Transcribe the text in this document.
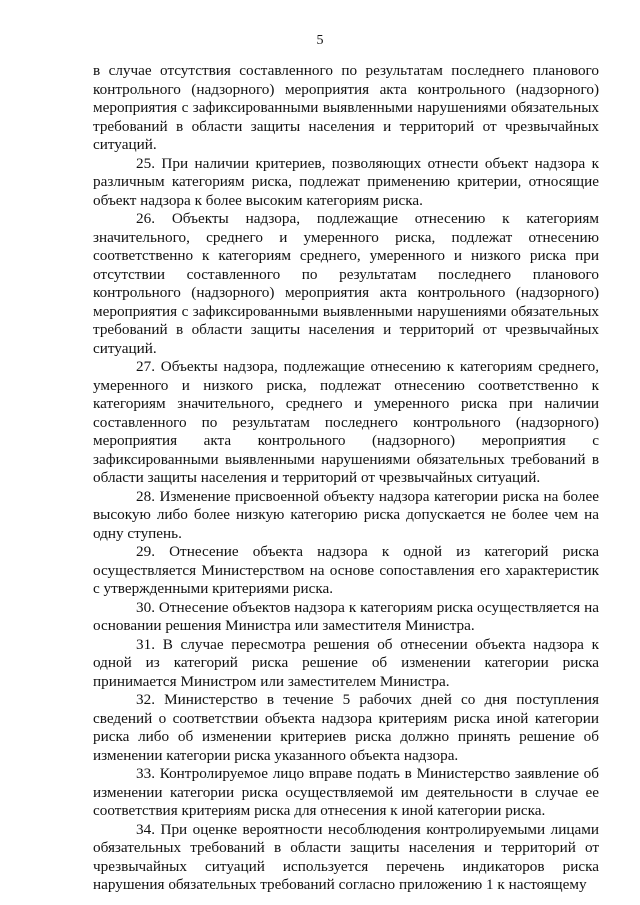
5

в случае отсутствия составленного по результатам последнего планового контрольного (надзорного) мероприятия акта контрольного (надзорного) мероприятия с зафиксированными выявленными нарушениями обязательных требований в области защиты населения и территорий от чрезвычайных ситуаций.

25. При наличии критериев, позволяющих отнести объект надзора к различным категориям риска, подлежат применению критерии, относящие объект надзора к более высоким категориям риска.

26. Объекты надзора, подлежащие отнесению к категориям значительного, среднего и умеренного риска, подлежат отнесению соответственно к категориям среднего, умеренного и низкого риска при отсутствии составленного по результатам последнего планового контрольного (надзорного) мероприятия акта контрольного (надзорного) мероприятия с зафиксированными выявленными нарушениями обязательных требований в области защиты населения и территорий от чрезвычайных ситуаций.

27. Объекты надзора, подлежащие отнесению к категориям среднего, умеренного и низкого риска, подлежат отнесению соответственно к категориям значительного, среднего и умеренного риска при наличии составленного по результатам последнего контрольного (надзорного) мероприятия акта контрольного (надзорного) мероприятия с зафиксированными выявленными нарушениями обязательных требований в области защиты населения и территорий от чрезвычайных ситуаций.

28. Изменение присвоенной объекту надзора категории риска на более высокую либо более низкую категорию риска допускается не более чем на одну ступень.

29. Отнесение объекта надзора к одной из категорий риска осуществляется Министерством на основе сопоставления его характеристик с утвержденными критериями риска.

30. Отнесение объектов надзора к категориям риска осуществляется на основании решения Министра или заместителя Министра.

31. В случае пересмотра решения об отнесении объекта надзора к одной из категорий риска решение об изменении категории риска принимается Министром или заместителем Министра.

32. Министерство в течение 5 рабочих дней со дня поступления сведений о соответствии объекта надзора критериям риска иной категории риска либо об изменении критериев риска должно принять решение об изменении категории риска указанного объекта надзора.

33. Контролируемое лицо вправе подать в Министерство заявление об изменении категории риска осуществляемой им деятельности в случае ее соответствия критериям риска для отнесения к иной категории риска.

34. При оценке вероятности несоблюдения контролируемыми лицами обязательных требований в области защиты населения и территорий от чрезвычайных ситуаций используется перечень индикаторов риска нарушения обязательных требований согласно приложению 1 к настоящему
